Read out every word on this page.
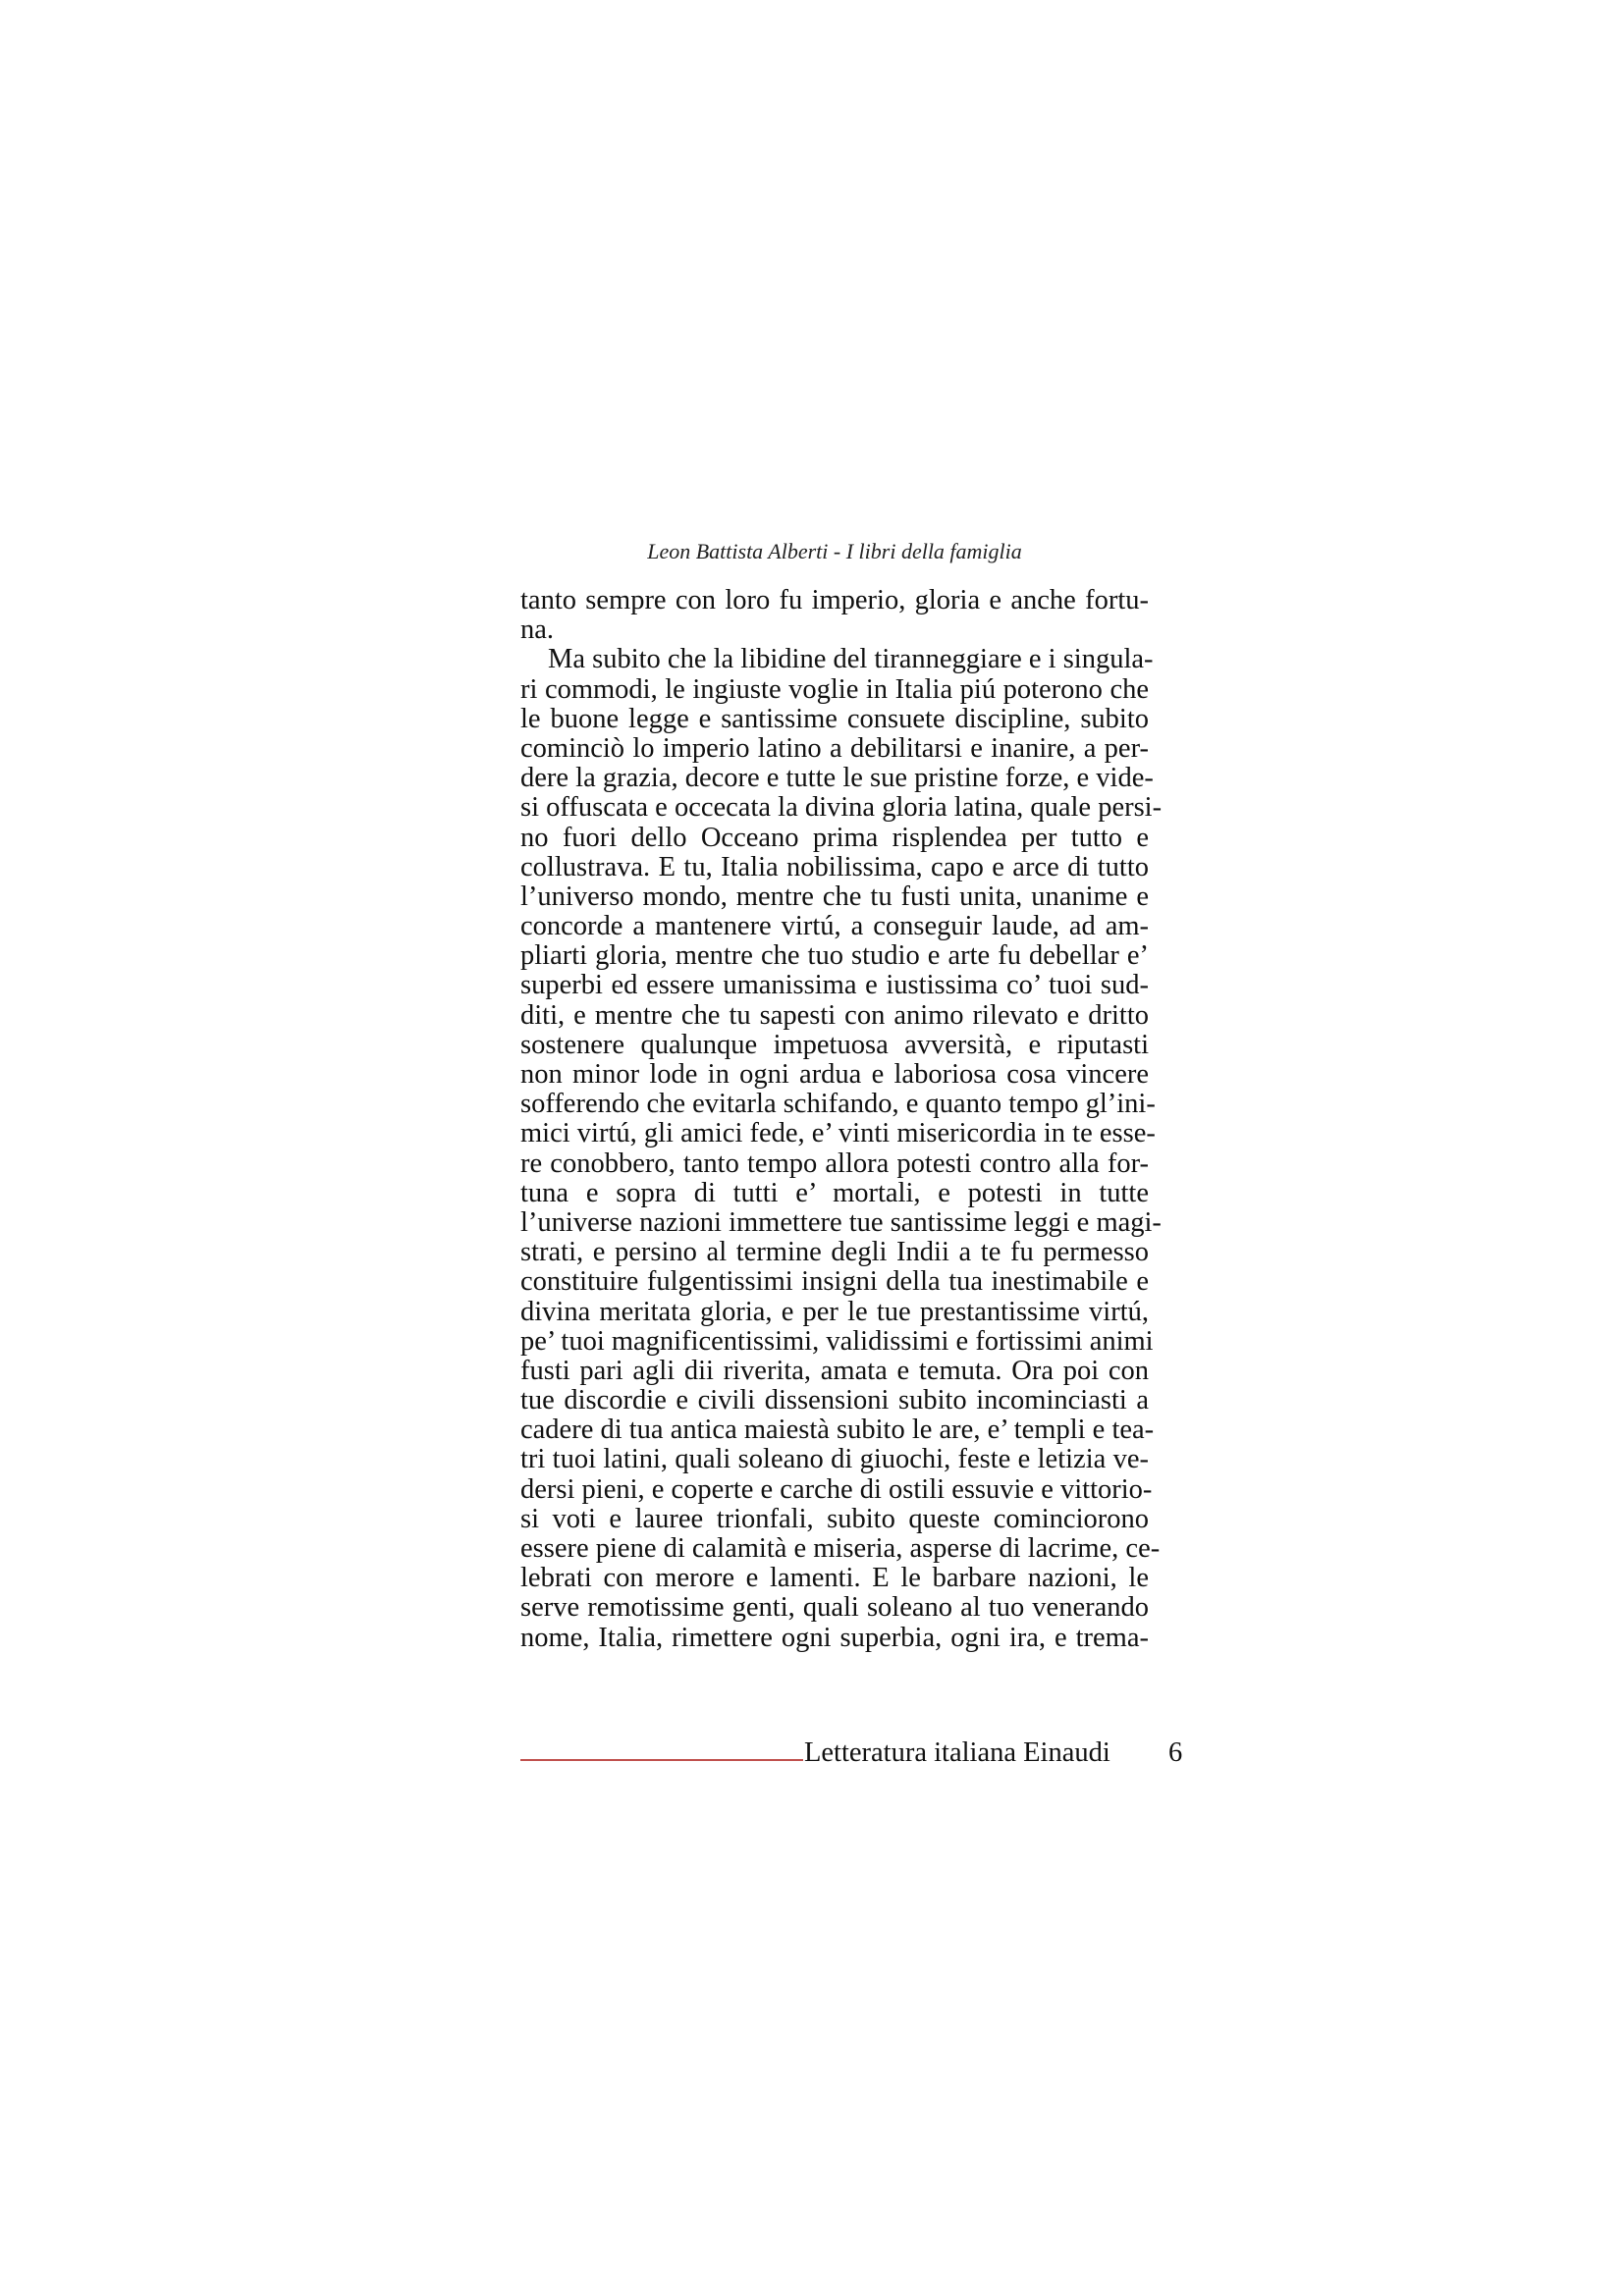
Leon Battista Alberti - I libri della famiglia
tanto sempre con loro fu imperio, gloria e anche fortu-
na.
Ma subito che la libidine del tiranneggiare e i singula-
ri commodi, le ingiuste voglie in Italia piú poterono che
le buone legge e santissime consuete discipline, subito
cominciò lo imperio latino a debilitarsi e inanire, a per-
dere la grazia, decore e tutte le sue pristine forze, e vide-
si offuscata e occecata la divina gloria latina, quale persi-
no fuori dello Occeano prima risplendea per tutto e
collustrava. E tu, Italia nobilissima, capo e arce di tutto
l’universo mondo, mentre che tu fusti unita, unanime e
concorde a mantenere virtú, a conseguir laude, ad am-
pliarti gloria, mentre che tuo studio e arte fu debellar e’
superbi ed essere umanissima e iustissima co’ tuoi sud-
diti, e mentre che tu sapesti con animo rilevato e dritto
sostenere qualunque impetuosa avversità, e riputasti
non minor lode in ogni ardua e laboriosa cosa vincere
sofferendo che evitarla schifando, e quanto tempo gl’ini-
mici virtú, gli amici fede, e’ vinti misericordia in te esse-
re conobbero, tanto tempo allora potesti contro alla for-
tuna e sopra di tutti e’ mortali, e potesti in tutte
l’universe nazioni immettere tue santissime leggi e magi-
strati, e persino al termine degli Indii a te fu permesso
constituire fulgentissimi insigni della tua inestimabile e
divina meritata gloria, e per le tue prestantissime virtú,
pe’ tuoi magnificentissimi, validissimi e fortissimi animi
fusti pari agli dii riverita, amata e temuta. Ora poi con
tue discordie e civili dissensioni subito incominciasti a
cadere di tua antica maiestà subito le are, e’ templi e tea-
tri tuoi latini, quali soleano di giuochi, feste e letizia ve-
dersi pieni, e coperte e carche di ostili essuvie e vittorio-
si voti e lauree trionfali, subito queste cominciorono
essere piene di calamità e miseria, asperse di lacrime, ce-
lebrati con merore e lamenti. E le barbare nazioni, le
serve remotissime genti, quali soleano al tuo venerando
nome, Italia, rimettere ogni superbia, ogni ira, e trema-
Letteratura italiana Einaudi 6
